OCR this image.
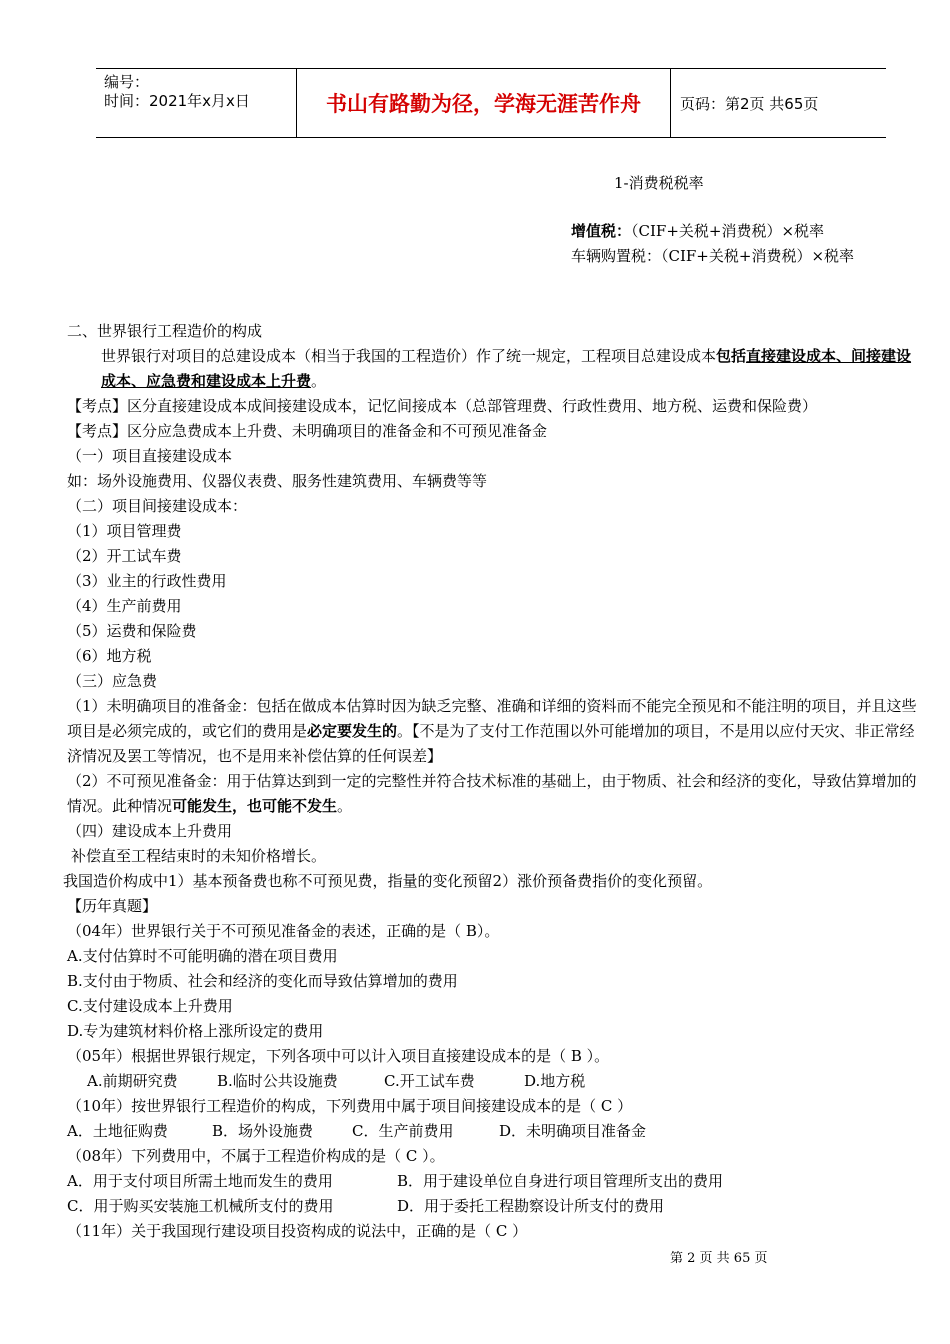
编号：
时间：2021年x月x日	书山有路勤为径，学海无涯苦作舟	页码：第2页 共65页
1-消费税税率
增值税：（CIF+关税+消费税）×税率
车辆购置税：（CIF+关税+消费税）×税率

二、世界银行工程造价的构成

世界银行对项目的总建设成本（相当于我国的工程造价）作了统一规定，工程项目总建设成本包括直接建设成本、间接建设成本、应急费和建设成本上升费。

【考点】区分直接建设成本成间接建设成本，记忆间接成本（总部管理费、行政性费用、地方税、运费和保险费）

【考点】区分应急费成本上升费、未明确项目的准备金和不可预见准备金

（一）项目直接建设成本

如：场外设施费用、仪器仪表费、服务性建筑费用、车辆费等等

（二）项目间接建设成本：

（1）项目管理费

（2）开工试车费

（3）业主的行政性费用

（4）生产前费用

（5）运费和保险费

（6）地方税

（三）应急费

（1）未明确项目的准备金：包括在做成本估算时因为缺乏完整、准确和详细的资料而不能完全预见和不能注明的项目，并且这些项目是必须完成的，或它们的费用是必定要发生的。【不是为了支付工作范围以外可能增加的项目，不是用以应付天灾、非正常经济情况及罢工等情况，也不是用来补偿估算的任何误差】

（2）不可预见准备金：用于估算达到到一定的完整性并符合技术标准的基础上，由于物质、社会和经济的变化，导致估算增加的情况。此种情况可能发生，也可能不发生。

（四）建设成本上升费用

补偿直至工程结束时的未知价格增长。

我国造价构成中1）基本预备费也称不可预见费，指量的变化预留2）涨价预备费指价的变化预留。

【历年真题】

（04年）世界银行关于不可预见准备金的表述，正确的是（ B）。

A.支付估算时不可能明确的潜在项目费用

B.支付由于物质、社会和经济的变化而导致估算增加的费用

C.支付建设成本上升费用

D.专为建筑材料价格上涨所设定的费用

（05年）根据世界银行规定，下列各项中可以计入项目直接建设成本的是（ B ）。

A.前期研究费	B.临时公共设施费	C.开工试车费	D.地方税

（10年）按世界银行工程造价的构成，下列费用中属于项目间接建设成本的是（ C ）

A．土地征购费	B．场外设施费	C．生产前费用	D．未明确项目准备金

（08年）下列费用中，不属于工程造价构成的是（ C ）。

A．用于支付项目所需土地而发生的费用	B．用于建设单位自身进行项目管理所支出的费用

C．用于购买安装施工机械所支付的费用	D．用于委托工程勘察设计所支付的费用

（11年）关于我国现行建设项目投资构成的说法中，正确的是（ C ）

第 2 页 共 65 页
